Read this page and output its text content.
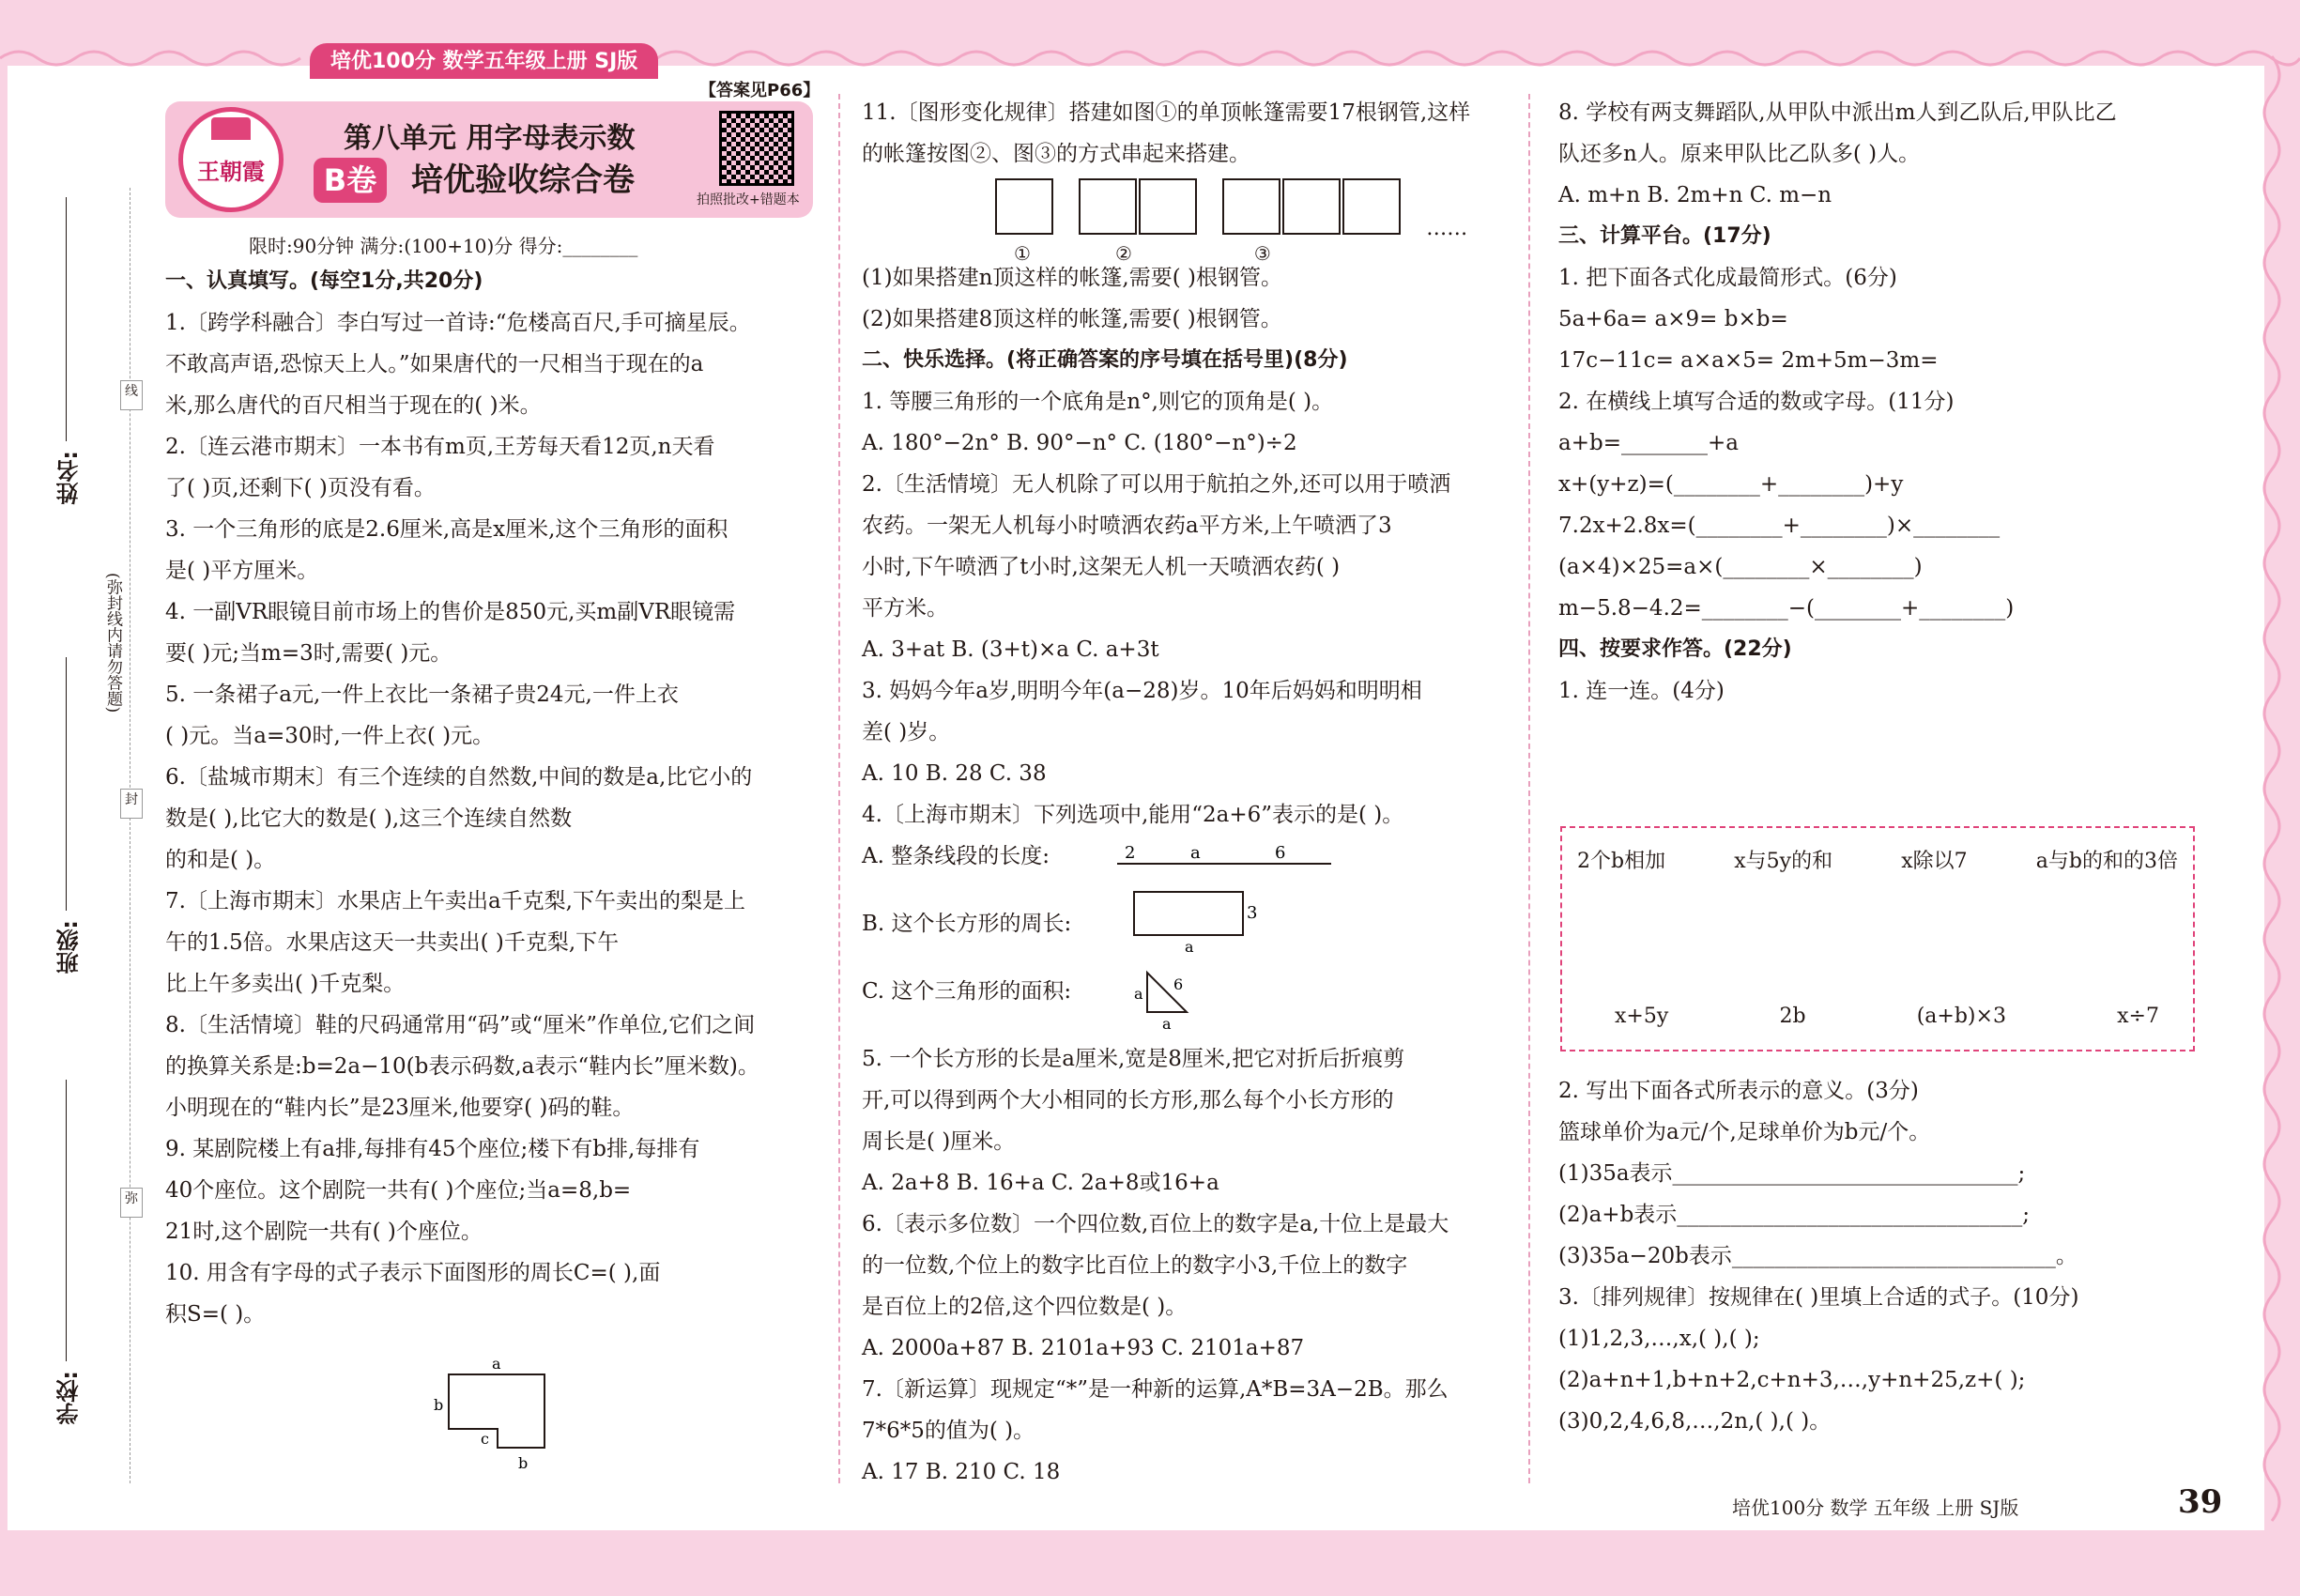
培优100分 数学五年级上册 SJ版
【答案见P66】
王朝霞
第八单元 用字母表示数
B卷	培优验收综合卷
拍照批改+错题本
限时:90分钟 满分:(100+10)分 得分:________
姓名:
班级:
学校:
(弥封线内请勿答题)
线
封
弥

一、认真填写。(每空1分,共20分)

1.〔跨学科融合〕李白写过一首诗:“危楼高百尺,手可摘星辰。

不敢高声语,恐惊天上人。”如果唐代的一尺相当于现在的a

米,那么唐代的百尺相当于现在的( )米。

2.〔连云港市期末〕一本书有m页,王芳每天看12页,n天看

了( )页,还剩下( )页没有看。

3. 一个三角形的底是2.6厘米,高是x厘米,这个三角形的面积

是( )平方厘米。

4. 一副VR眼镜目前市场上的售价是850元,买m副VR眼镜需

要( )元;当m=3时,需要( )元。

5. 一条裙子a元,一件上衣比一条裙子贵24元,一件上衣

( )元。当a=30时,一件上衣( )元。

6.〔盐城市期末〕有三个连续的自然数,中间的数是a,比它小的

数是( ),比它大的数是( ),这三个连续自然数

的和是( )。

7.〔上海市期末〕水果店上午卖出a千克梨,下午卖出的梨是上

午的1.5倍。水果店这天一共卖出( )千克梨,下午

比上午多卖出( )千克梨。

8.〔生活情境〕鞋的尺码通常用“码”或“厘米”作单位,它们之间

的换算关系是:b=2a−10(b表示码数,a表示“鞋内长”厘米数)。

小明现在的“鞋内长”是23厘米,他要穿( )码的鞋。

9. 某剧院楼上有a排,每排有45个座位;楼下有b排,每排有

40个座位。这个剧院一共有( )个座位;当a=8,b=

21时,这个剧院一共有( )个座位。

10. 用含有字母的式子表示下面图形的周长C=( ),面

积S=( )。

a
b
c
b

11.〔图形变化规律〕搭建如图①的单顶帐篷需要17根钢管,这样

的帐篷按图②、图③的方式串起来搭建。

(1)如果搭建n顶这样的帐篷,需要( )根钢管。

(2)如果搭建8顶这样的帐篷,需要( )根钢管。

二、快乐选择。(将正确答案的序号填在括号里)(8分)

1. 等腰三角形的一个底角是n°,则它的顶角是( )。

A. 180°−2n° B. 90°−n° C. (180°−n°)÷2

2.〔生活情境〕无人机除了可以用于航拍之外,还可以用于喷洒

农药。一架无人机每小时喷洒农药a平方米,上午喷洒了3

小时,下午喷洒了t小时,这架无人机一天喷洒农药( )

平方米。

A. 3+at B. (3+t)×a C. a+3t

3. 妈妈今年a岁,明明今年(a−28)岁。10年后妈妈和明明相

差( )岁。

A. 10 B. 28 C. 38

4.〔上海市期末〕下列选项中,能用“2a+6”表示的是( )。

A. 整条线段的长度:

B. 这个长方形的周长:

C. 这个三角形的面积:

5. 一个长方形的长是a厘米,宽是8厘米,把它对折后折痕剪

开,可以得到两个大小相同的长方形,那么每个小长方形的

周长是( )厘米。

A. 2a+8 B. 16+a C. 2a+8或16+a

6.〔表示多位数〕一个四位数,百位上的数字是a,十位上是最大

的一位数,个位上的数字比百位上的数字小3,千位上的数字

是百位上的2倍,这个四位数是( )。

A. 2000a+87 B. 2101a+93 C. 2101a+87

7.〔新运算〕现规定“*”是一种新的运算,A*B=3A−2B。那么

7*6*5的值为( )。

A. 17 B. 210 C. 18

……
①	②	③
2	a	6
3
a
6
a
a

8. 学校有两支舞蹈队,从甲队中派出m人到乙队后,甲队比乙

队还多n人。原来甲队比乙队多( )人。

A. m+n B. 2m+n C. m−n

三、计算平台。(17分)

1. 把下面各式化成最简形式。(6分)

5a+6a= a×9= b×b=

17c−11c= a×a×5= 2m+5m−3m=

2. 在横线上填写合适的数或字母。(11分)

a+b=________+a

x+(y+z)=(________+________)+y

7.2x+2.8x=(________+________)×________

(a×4)×25=a×(________×________)

m−5.8−4.2=________−(________+________)

四、按要求作答。(22分)

1. 连一连。(4分)

2个b相加	x与5y的和	x除以7	a与b的和的3倍
x+5y	2b	(a+b)×3	x÷7

2. 写出下面各式所表示的意义。(3分)

篮球单价为a元/个,足球单价为b元/个。

(1)35a表示________________________________;

(2)a+b表示________________________________;

(3)35a−20b表示______________________________。

3.〔排列规律〕按规律在( )里填上合适的式子。(10分)

(1)1,2,3,…,x,( ),( );

(2)a+n+1,b+n+2,c+n+3,…,y+n+25,z+( );

(3)0,2,4,6,8,…,2n,( ),( )。

培优100分 数学 五年级 上册 SJ版	39
